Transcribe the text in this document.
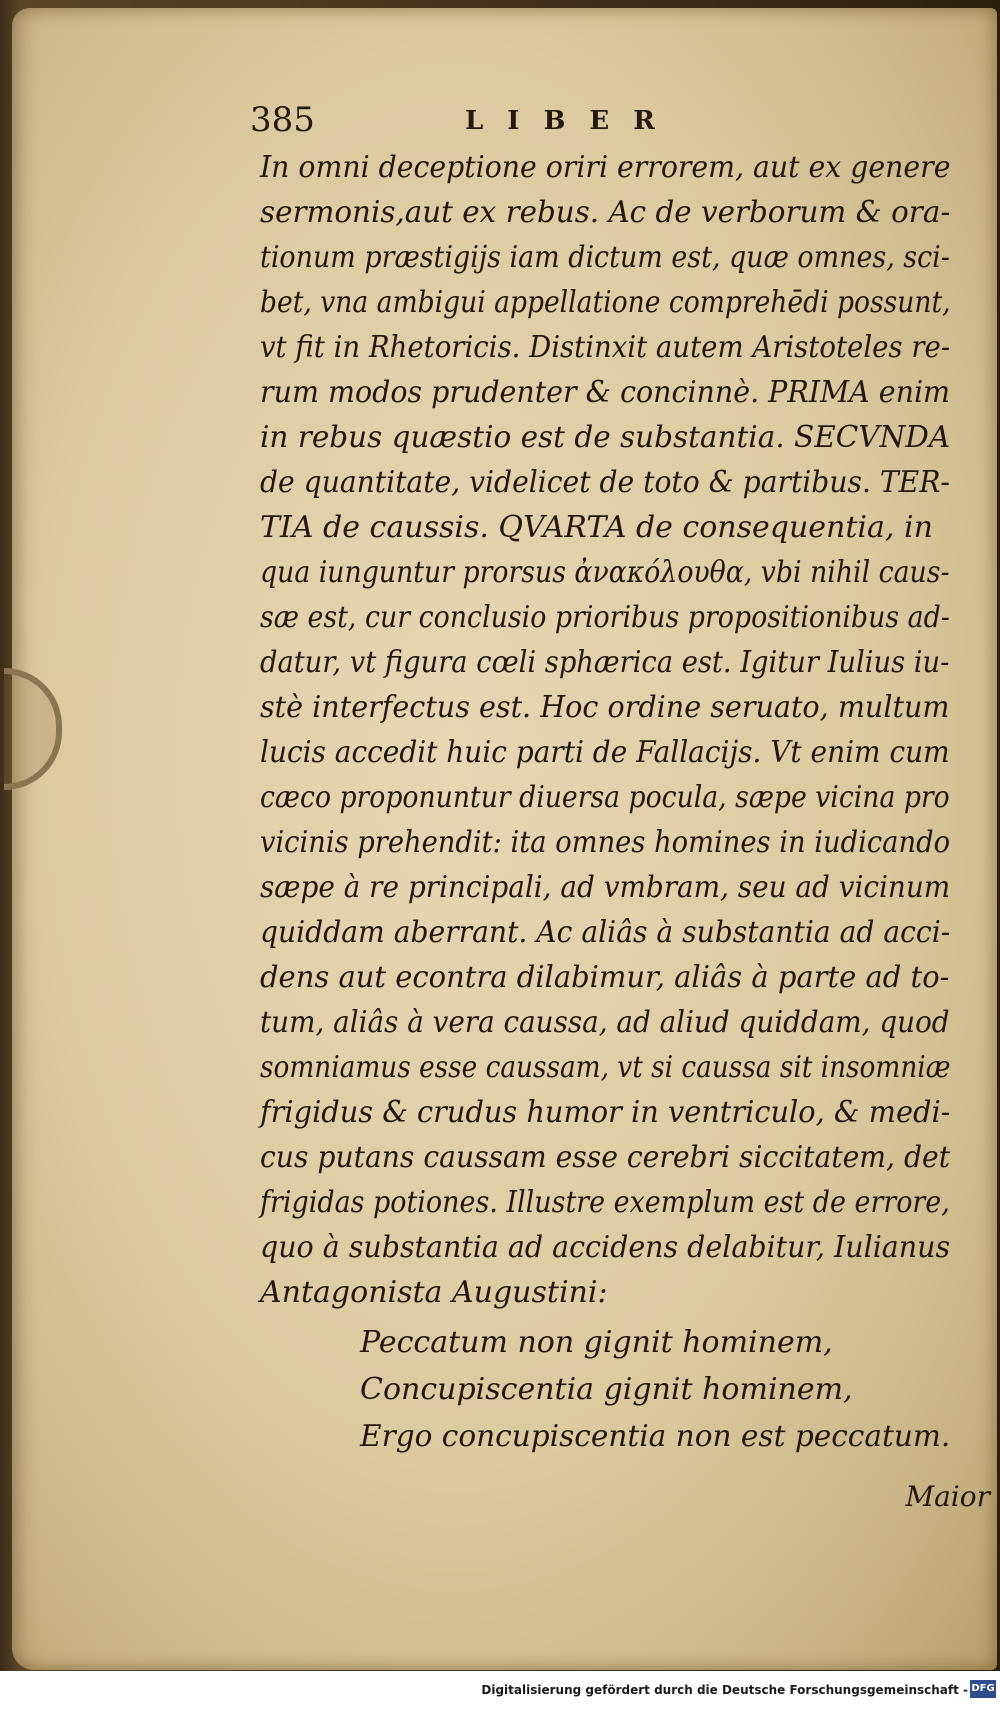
385	LIBER
In omni deceptione oriri errorem, aut ex genere
sermonis,aut ex rebus. Ac de verborum & ora-
tionum præstigijs iam dictum est, quæ omnes, sci-
bet, vna ambigui appellatione comprehēdi possunt,
vt fit in Rhetoricis. Distinxit autem Aristoteles re-
rum modos prudenter & concinnè. PRIMA enim
in rebus quæstio est de substantia. SECVNDA
de quantitate, videlicet de toto & partibus. TER-
TIA de caussis. QVARTA de consequentia, in
qua iunguntur prorsus ἀνακόλουθα, vbi nihil caus-
sæ est, cur conclusio prioribus propositionibus ad-
datur, vt figura cœli sphærica est. Igitur Iulius iu-
stè interfectus est. Hoc ordine seruato, multum
lucis accedit huic parti de Fallacijs. Vt enim cum
cæco proponuntur diuersa pocula, sæpe vicina pro
vicinis prehendit: ita omnes homines in iudicando
sæpe à re principali, ad vmbram, seu ad vicinum
quiddam aberrant. Ac aliâs à substantia ad acci-
dens aut econtra dilabimur, aliâs à parte ad to-
tum, aliâs à vera caussa, ad aliud quiddam, quod
somniamus esse caussam, vt si caussa sit insomniæ
frigidus & crudus humor in ventriculo, & medi-
cus putans caussam esse cerebri siccitatem, det
frigidas potiones. Illustre exemplum est de errore,
quo à substantia ad accidens delabitur, Iulianus
Antagonista Augustini:
Peccatum non gignit hominem,
Concupiscentia gignit hominem,
Ergo concupiscentia non est peccatum.
Maior
Digitalisierung gefördert durch die Deutsche Forschungsgemeinschaft - DFG
